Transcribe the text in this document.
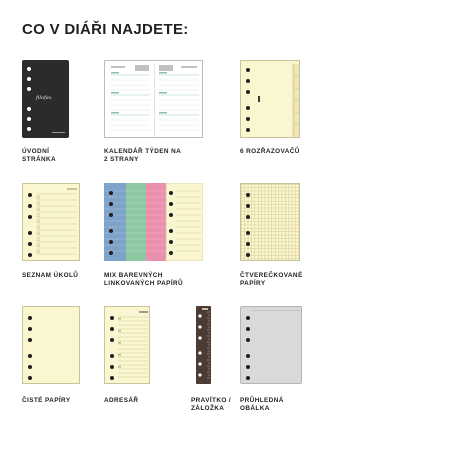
CO V DIÁŘI NAJDETE:
filofax
ÚVODNÍ
STRÁNKA
KALENDÁŘ TÝDEN NA
2 STRANY
6 ROZŘAZOVAČŮ
SEZNAM ÚKOLŮ	MIX BAREVNÝCH
LINKOVANÝCH PAPÍRŮ
ČTVEREČKOVANÉ
PAPÍRY
ČISTÉ PAPÍRY	ADRESÁŘ	PRAVÍTKO /
ZÁLOŽKA
PRŮHLEDNÁ
OBÁLKA
